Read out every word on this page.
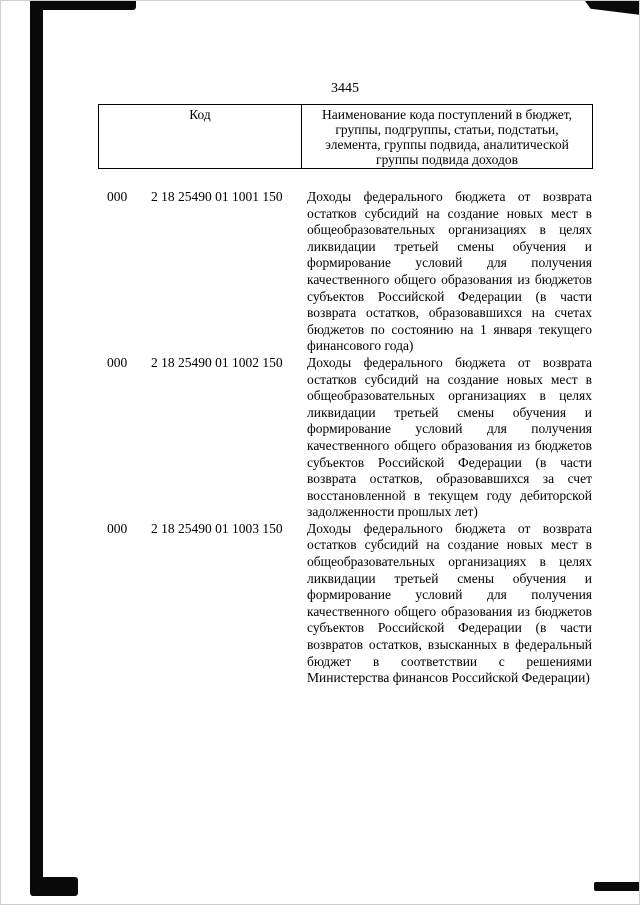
3445
Код	Наименование кода поступлений в бюджет, группы, подгруппы, статьи, подстатьи, элемента, группы подвида, аналитической группы подвида доходов
000	2 18 25490 01 1001 150	Доходы федерального бюджета от возврата остатков субсидий на создание новых мест в общеобразовательных организациях в целях ликвидации третьей смены обучения и формирование условий для получения качественного общего образования из бюджетов субъектов Российской Федерации (в части возврата остатков, образовавшихся на счетах бюджетов по состоянию на 1 января текущего финансового года)
000	2 18 25490 01 1002 150	Доходы федерального бюджета от возврата остатков субсидий на создание новых мест в общеобразовательных организациях в целях ликвидации третьей смены обучения и формирование условий для получения качественного общего образования из бюджетов субъектов Российской Федерации (в части возврата остатков, образовавшихся за счет восстановленной в текущем году дебиторской задолженности прошлых лет)
000	2 18 25490 01 1003 150	Доходы федерального бюджета от возврата остатков субсидий на создание новых мест в общеобразовательных организациях в целях ликвидации третьей смены обучения и формирование условий для получения качественного общего образования из бюджетов субъектов Российской Федерации (в части возвратов остатков, взысканных в федеральный бюджет в соответствии с решениями Министерства финансов Российской Федерации)
